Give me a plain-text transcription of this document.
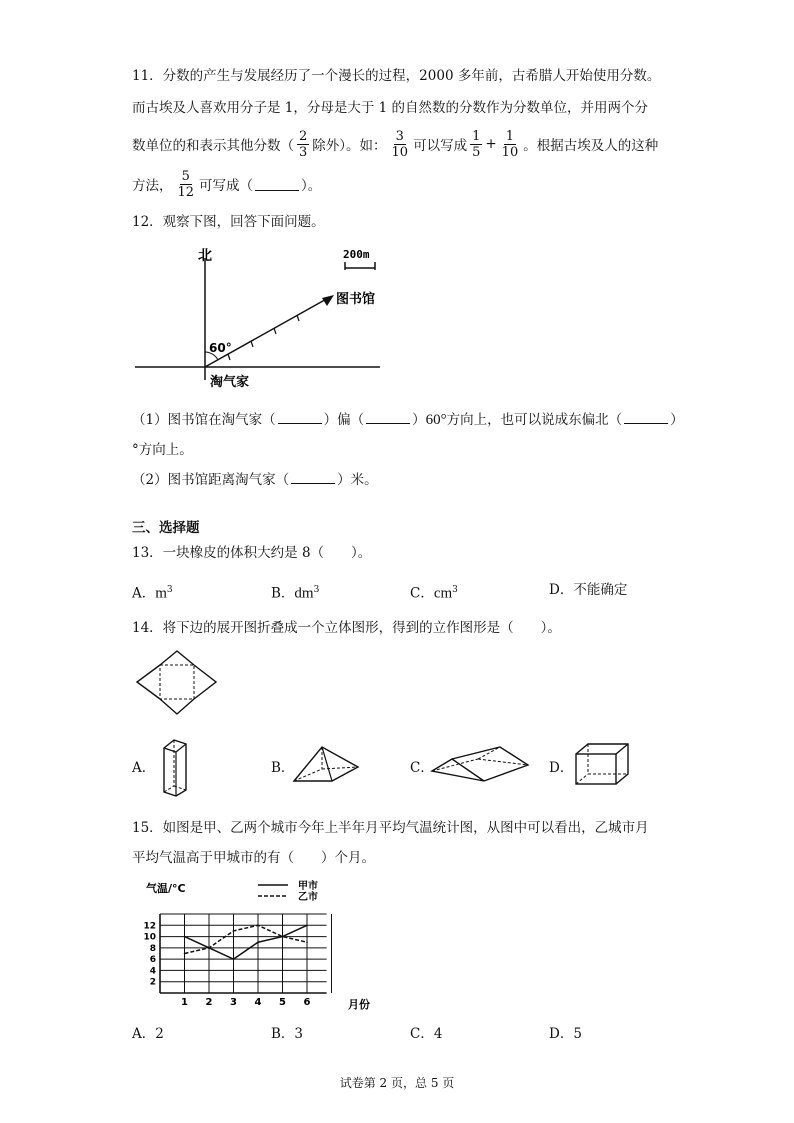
11．分数的产生与发展经历了一个漫长的过程，2000 多年前，古希腊人开始使用分数。
而古埃及人喜欢用分子是 1，分母是大于 1 的自然数的分数作为分数单位，并用两个分
数单位的和表示其他分数（ $\frac{2}{3}$ 除外）。如： $\frac{3}{10}$ 可以写成 $\frac{1}{5} + \frac{1}{10}$ 。根据古埃及人的这种
方法， $\frac{5}{12}$ 可写成（	）。
12．观察下图，回答下面问题。
北	200m
图书馆
60°
淘气家
（1）图书馆在淘气家（	）偏（	）60°方向上，也可以说成东偏北（	）
°方向上。
（2）图书馆距离淘气家（	）米。
三、选择题
13．一块橡皮的体积大约是 8（　　）。
A．$m^3$	B．$dm^3$	C．$cm^3$	D．不能确定
14．将下边的展开图折叠成一个立体图形，得到的立作图形是（　　）。
A．	B．	C．	D．
15．如图是甲、乙两个城市今年上半年月平均气温统计图，从图中可以看出，乙城市月
平均气温高于甲城市的有（　　）个月。
2
4
6
8
10
12
1 2 3 4 5 6
气温/°C
月份
甲市
乙市
A．2	B．3	C．4	D．5
试卷第 2 页，总 5 页
